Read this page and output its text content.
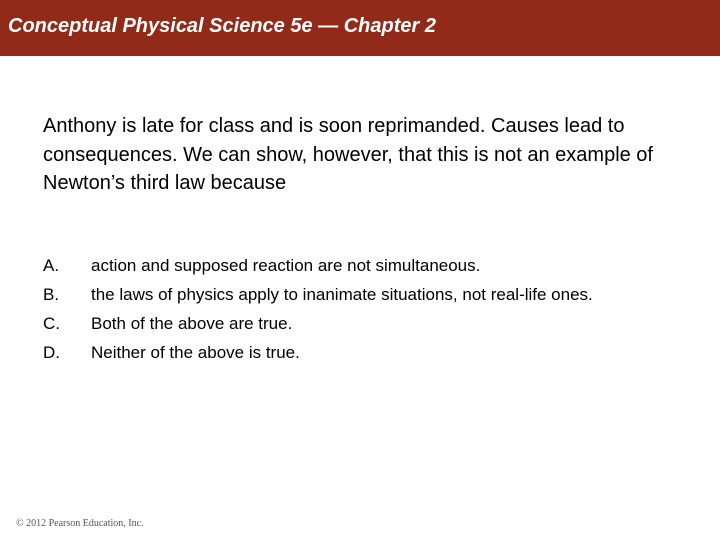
Conceptual Physical Science 5e — Chapter 2

Anthony is late for class and is soon reprimanded. Causes lead to consequences. We can show, however, that this is not an example of Newton’s third law because

A.	action and supposed reaction are not simultaneous.
B.	the laws of physics apply to inanimate situations, not real-life ones.
C.	Both of the above are true.
D.	Neither of the above is true.

© 2012 Pearson Education, Inc.
